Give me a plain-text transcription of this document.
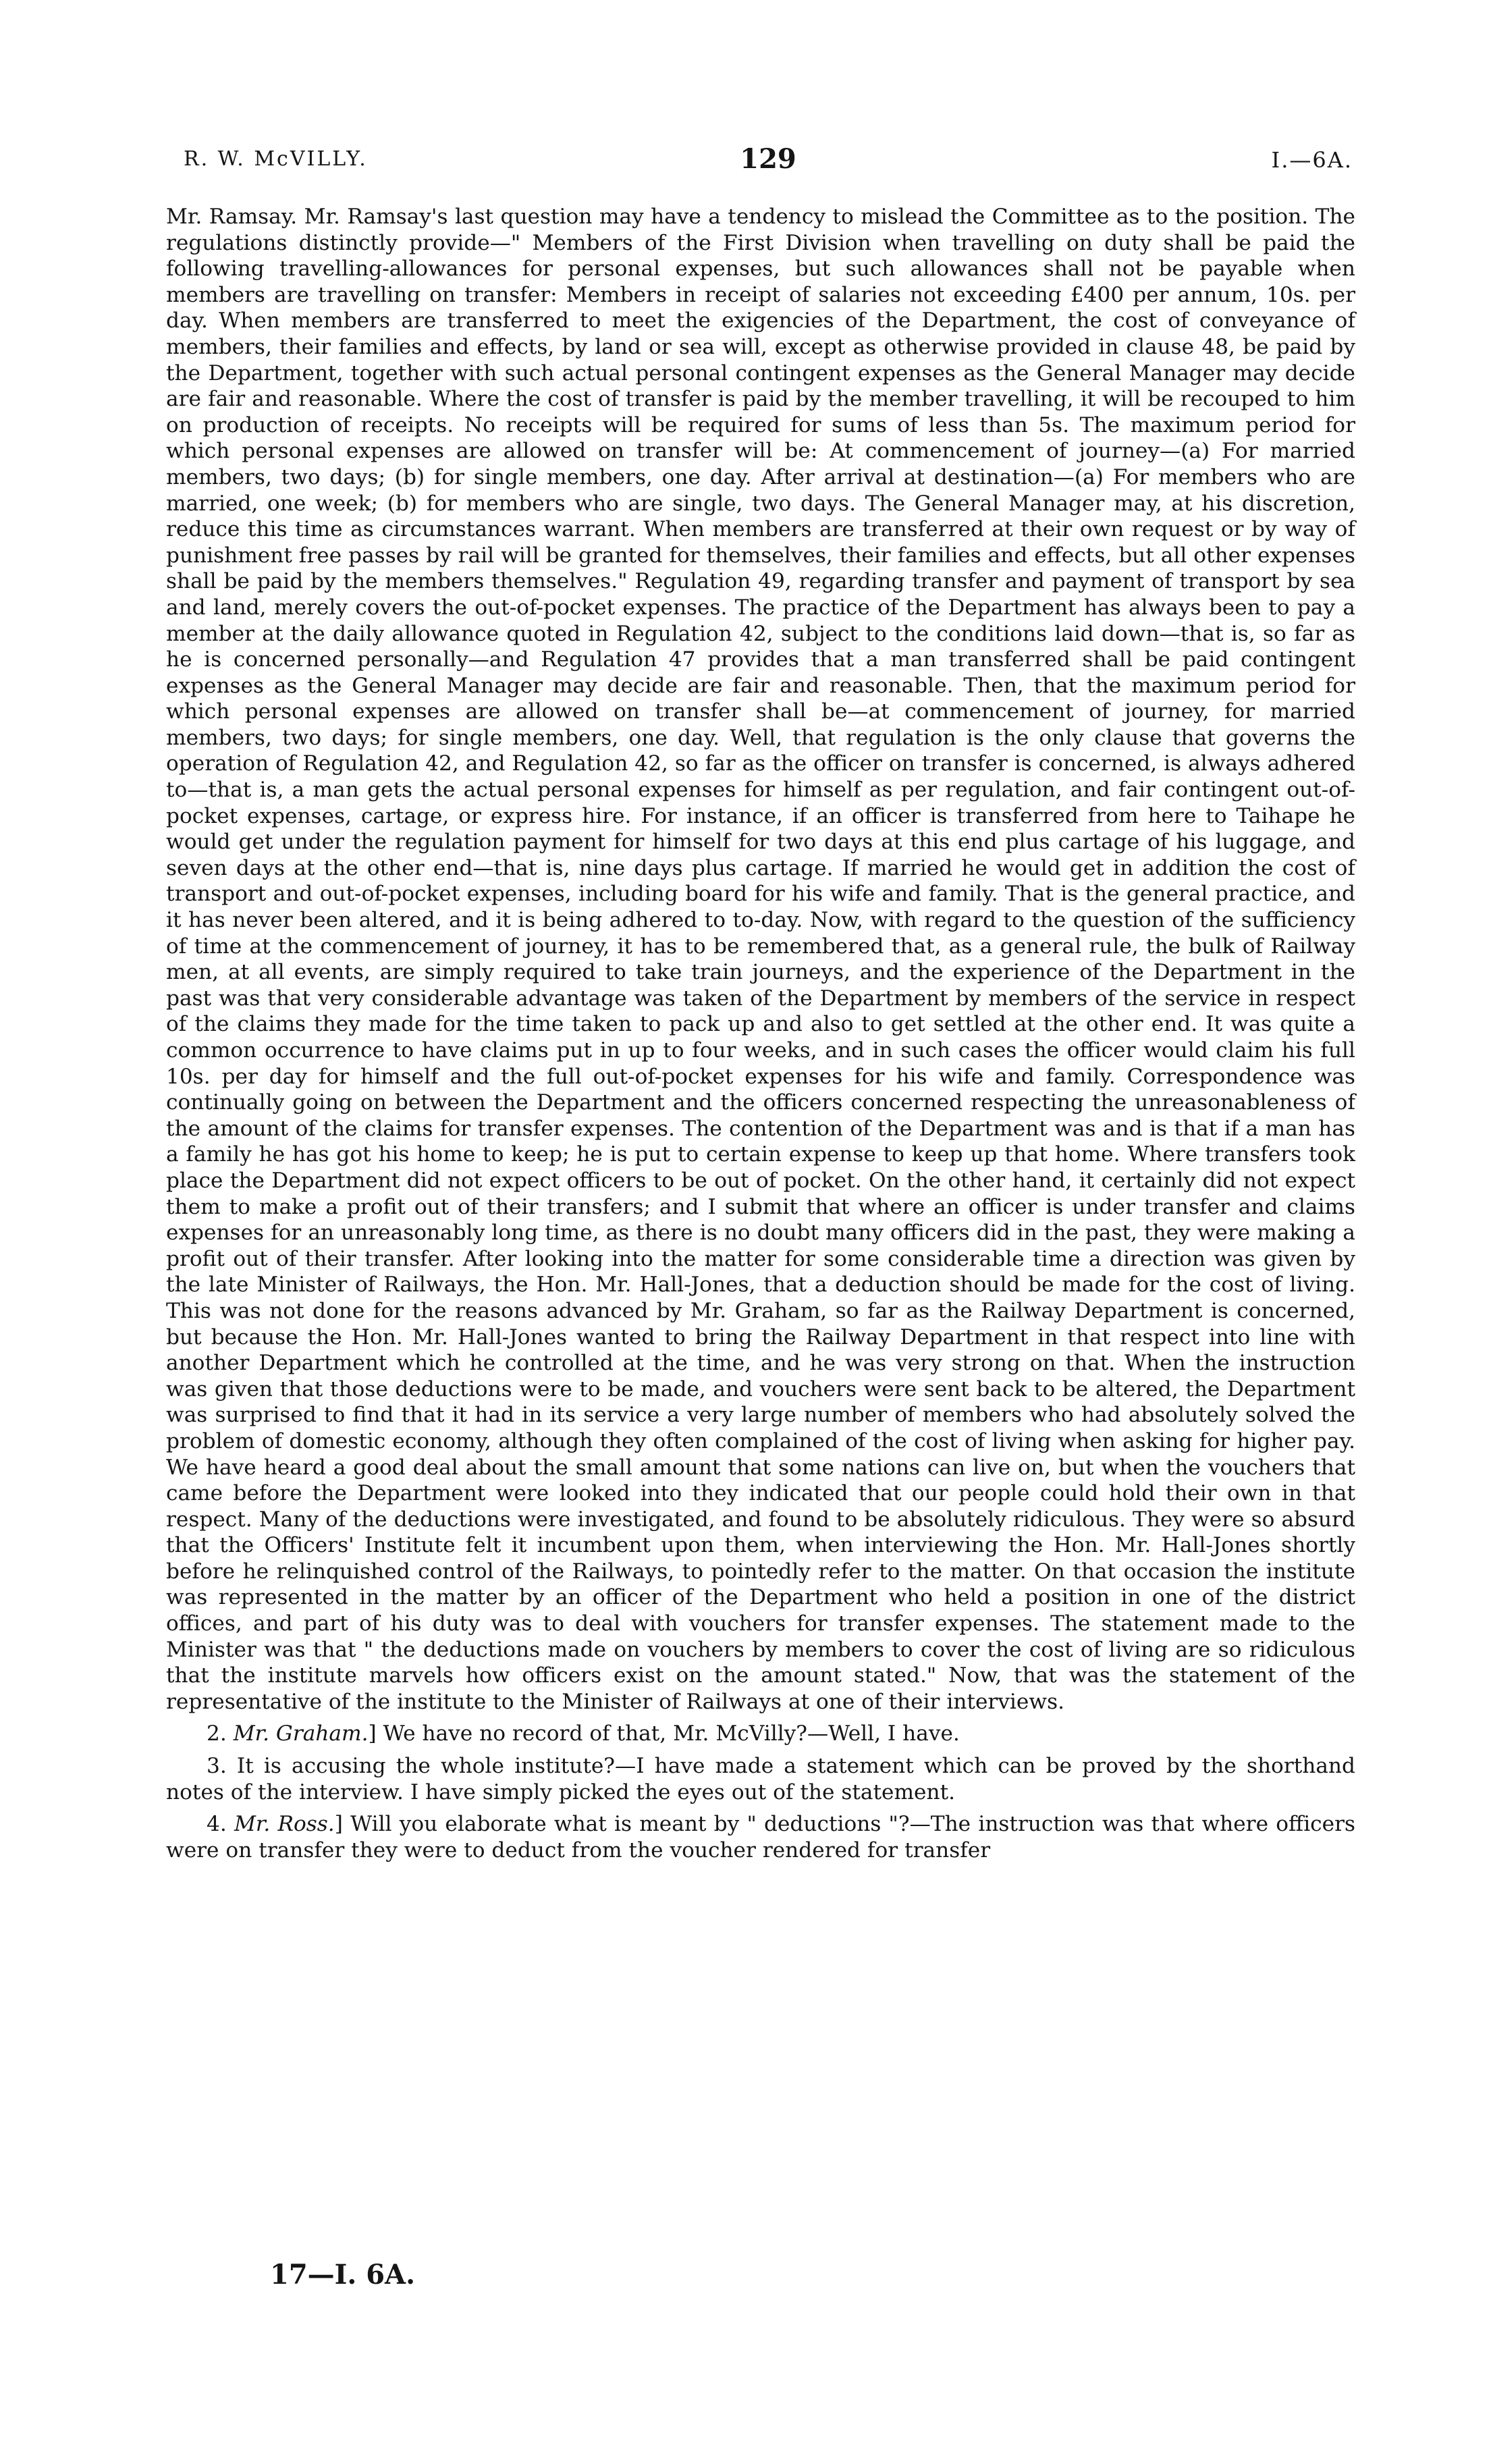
R. W. McVILLY.	129	I.—6A.

Mr. Ramsay. Mr. Ramsay's last question may have a tendency to mislead the Committee as to the position. The regulations distinctly provide—" Members of the First Division when travelling on duty shall be paid the following travelling-allowances for personal expenses, but such allowances shall not be payable when members are travelling on transfer: Members in receipt of salaries not exceeding £400 per annum, 10s. per day. When members are transferred to meet the exigencies of the Department, the cost of conveyance of members, their families and effects, by land or sea will, except as otherwise provided in clause 48, be paid by the Department, together with such actual personal contingent expenses as the General Manager may decide are fair and reasonable. Where the cost of transfer is paid by the member travelling, it will be recouped to him on production of receipts. No receipts will be required for sums of less than 5s. The maximum period for which personal expenses are allowed on transfer will be: At commencement of journey—(a) For married members, two days; (b) for single members, one day. After arrival at destination—(a) For members who are married, one week; (b) for members who are single, two days. The General Manager may, at his discretion, reduce this time as circumstances warrant. When members are transferred at their own request or by way of punishment free passes by rail will be granted for themselves, their families and effects, but all other expenses shall be paid by the members themselves." Regulation 49, regarding transfer and payment of transport by sea and land, merely covers the out-of-pocket expenses. The practice of the Department has always been to pay a member at the daily allowance quoted in Regulation 42, subject to the conditions laid down—that is, so far as he is concerned personally—and Regulation 47 provides that a man transferred shall be paid contingent expenses as the General Manager may decide are fair and reasonable. Then, that the maximum period for which personal expenses are allowed on transfer shall be—at commencement of journey, for married members, two days; for single members, one day. Well, that regulation is the only clause that governs the operation of Regulation 42, and Regulation 42, so far as the officer on transfer is concerned, is always adhered to—that is, a man gets the actual personal expenses for himself as per regulation, and fair contingent out-of-pocket expenses, cartage, or express hire. For instance, if an officer is transferred from here to Taihape he would get under the regulation payment for himself for two days at this end plus cartage of his luggage, and seven days at the other end—that is, nine days plus cartage. If married he would get in addition the cost of transport and out-of-pocket expenses, including board for his wife and family. That is the general practice, and it has never been altered, and it is being adhered to to-day. Now, with regard to the question of the sufficiency of time at the commencement of journey, it has to be remembered that, as a general rule, the bulk of Railway men, at all events, are simply required to take train journeys, and the experience of the Department in the past was that very considerable advantage was taken of the Department by members of the service in respect of the claims they made for the time taken to pack up and also to get settled at the other end. It was quite a common occurrence to have claims put in up to four weeks, and in such cases the officer would claim his full 10s. per day for himself and the full out-of-pocket expenses for his wife and family. Correspondence was continually going on between the Department and the officers concerned respecting the unreasonableness of the amount of the claims for transfer expenses. The contention of the Department was and is that if a man has a family he has got his home to keep; he is put to certain expense to keep up that home. Where transfers took place the Department did not expect officers to be out of pocket. On the other hand, it certainly did not expect them to make a profit out of their transfers; and I submit that where an officer is under transfer and claims expenses for an unreasonably long time, as there is no doubt many officers did in the past, they were making a profit out of their transfer. After looking into the matter for some considerable time a direction was given by the late Minister of Railways, the Hon. Mr. Hall-Jones, that a deduction should be made for the cost of living. This was not done for the reasons advanced by Mr. Graham, so far as the Railway Department is concerned, but because the Hon. Mr. Hall-Jones wanted to bring the Railway Department in that respect into line with another Department which he controlled at the time, and he was very strong on that. When the instruction was given that those deductions were to be made, and vouchers were sent back to be altered, the Department was surprised to find that it had in its service a very large number of members who had absolutely solved the problem of domestic economy, although they often complained of the cost of living when asking for higher pay. We have heard a good deal about the small amount that some nations can live on, but when the vouchers that came before the Department were looked into they indicated that our people could hold their own in that respect. Many of the deductions were investigated, and found to be absolutely ridiculous. They were so absurd that the Officers' Institute felt it incumbent upon them, when interviewing the Hon. Mr. Hall-Jones shortly before he relinquished control of the Railways, to pointedly refer to the matter. On that occasion the institute was represented in the matter by an officer of the Department who held a position in one of the district offices, and part of his duty was to deal with vouchers for transfer expenses. The statement made to the Minister was that " the deductions made on vouchers by members to cover the cost of living are so ridiculous that the institute marvels how officers exist on the amount stated." Now, that was the statement of the representative of the institute to the Minister of Railways at one of their interviews.

2. Mr. Graham.] We have no record of that, Mr. McVilly?—Well, I have.

3. It is accusing the whole institute?—I have made a statement which can be proved by the shorthand notes of the interview. I have simply picked the eyes out of the statement.

4. Mr. Ross.] Will you elaborate what is meant by " deductions "?—The instruction was that where officers were on transfer they were to deduct from the voucher rendered for transfer

17—I. 6A.
